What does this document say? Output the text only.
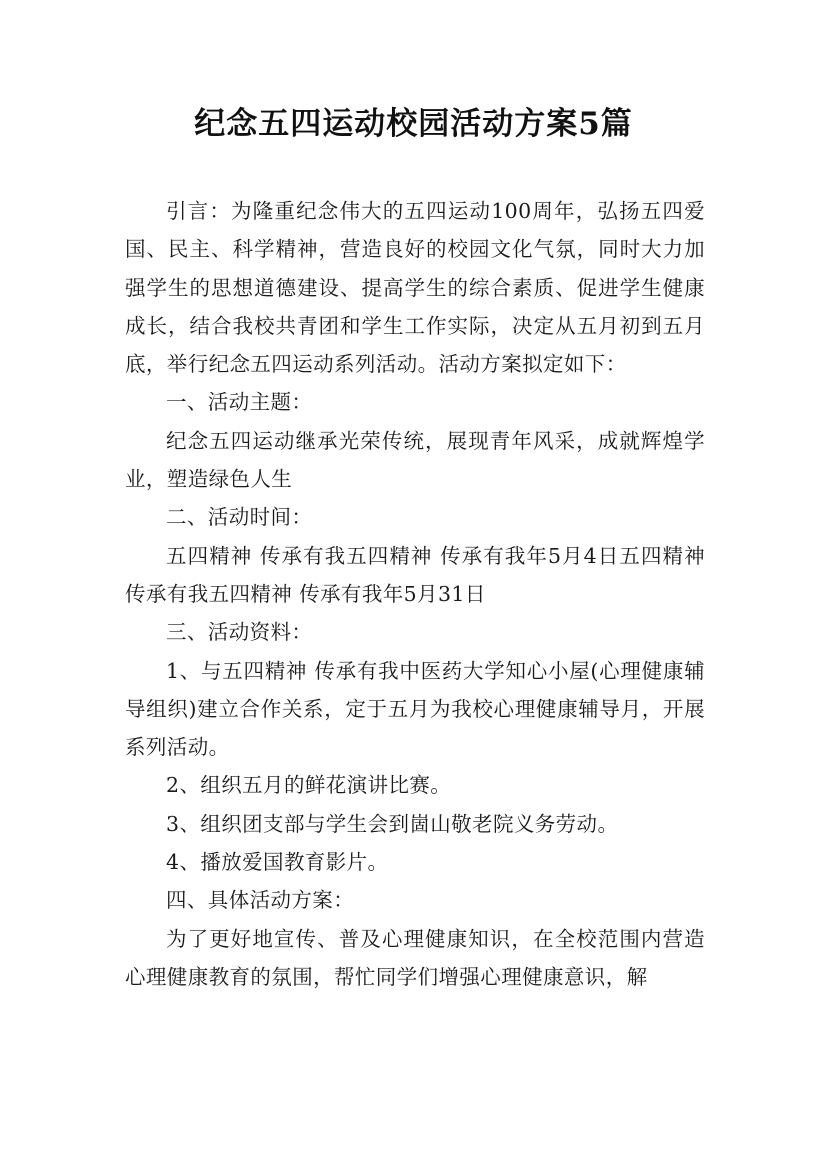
纪念五四运动校园活动方案5篇

引言：为隆重纪念伟大的五四运动100周年，弘扬五四爱国、民主、科学精神，营造良好的校园文化气氛，同时大力加强学生的思想道德建设、提高学生的综合素质、促进学生健康成长，结合我校共青团和学生工作实际，决定从五月初到五月底，举行纪念五四运动系列活动。活动方案拟定如下：

一、活动主题：

纪念五四运动继承光荣传统，展现青年风采，成就辉煌学业，塑造绿色人生

二、活动时间：

五四精神 传承有我五四精神 传承有我年5月4日五四精神 传承有我五四精神 传承有我年5月31日

三、活动资料：

1、与五四精神 传承有我中医药大学知心小屋(心理健康辅导组织)建立合作关系，定于五月为我校心理健康辅导月，开展系列活动。

2、组织五月的鲜花演讲比赛。

3、组织团支部与学生会到崮山敬老院义务劳动。

4、播放爱国教育影片。

四、具体活动方案：

为了更好地宣传、普及心理健康知识，在全校范围内营造心理健康教育的氛围，帮忙同学们增强心理健康意识，解
